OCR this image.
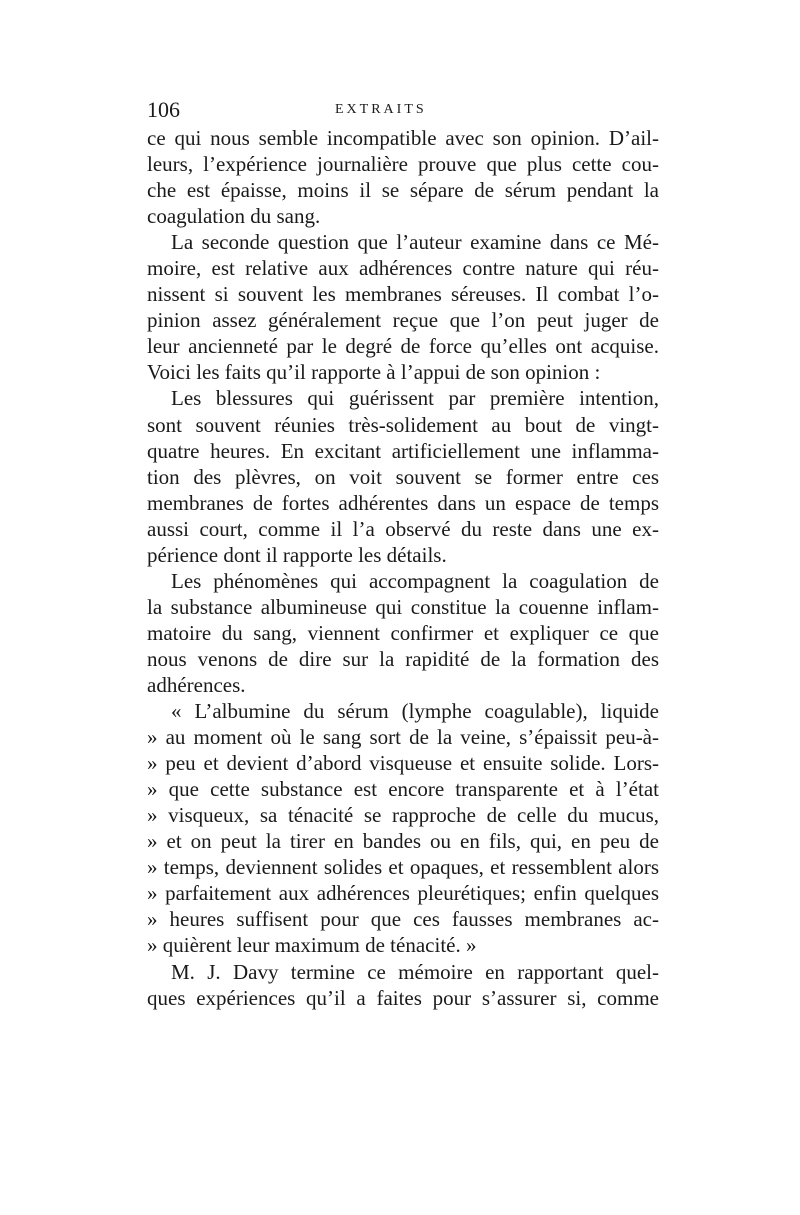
106	EXTRAITS
ce qui nous semble incompatible avec son opinion. D’ail-
leurs, l’expérience journalière prouve que plus cette cou-
che est épaisse, moins il se sépare de sérum pendant la
coagulation du sang.
La seconde question que l’auteur examine dans ce Mé-
moire, est relative aux adhérences contre nature qui réu-
nissent si souvent les membranes séreuses. Il combat l’o-
pinion assez généralement reçue que l’on peut juger de
leur ancienneté par le degré de force qu’elles ont acquise.
Voici les faits qu’il rapporte à l’appui de son opinion :
Les blessures qui guérissent par première intention,
sont souvent réunies très-solidement au bout de vingt-
quatre heures. En excitant artificiellement une inflamma-
tion des plèvres, on voit souvent se former entre ces
membranes de fortes adhérentes dans un espace de temps
aussi court, comme il l’a observé du reste dans une ex-
périence dont il rapporte les détails.
Les phénomènes qui accompagnent la coagulation de
la substance albumineuse qui constitue la couenne inflam-
matoire du sang, viennent confirmer et expliquer ce que
nous venons de dire sur la rapidité de la formation des
adhérences.
« L’albumine du sérum (lymphe coagulable), liquide
» au moment où le sang sort de la veine, s’épaissit peu-à-
» peu et devient d’abord visqueuse et ensuite solide. Lors-
» que cette substance est encore transparente et à l’état
» visqueux, sa ténacité se rapproche de celle du mucus,
» et on peut la tirer en bandes ou en fils, qui, en peu de
» temps, deviennent solides et opaques, et ressemblent alors
» parfaitement aux adhérences pleurétiques; enfin quelques
» heures suffisent pour que ces fausses membranes ac-
» quièrent leur maximum de ténacité. »
M. J. Davy termine ce mémoire en rapportant quel-
ques expériences qu’il a faites pour s’assurer si, comme
